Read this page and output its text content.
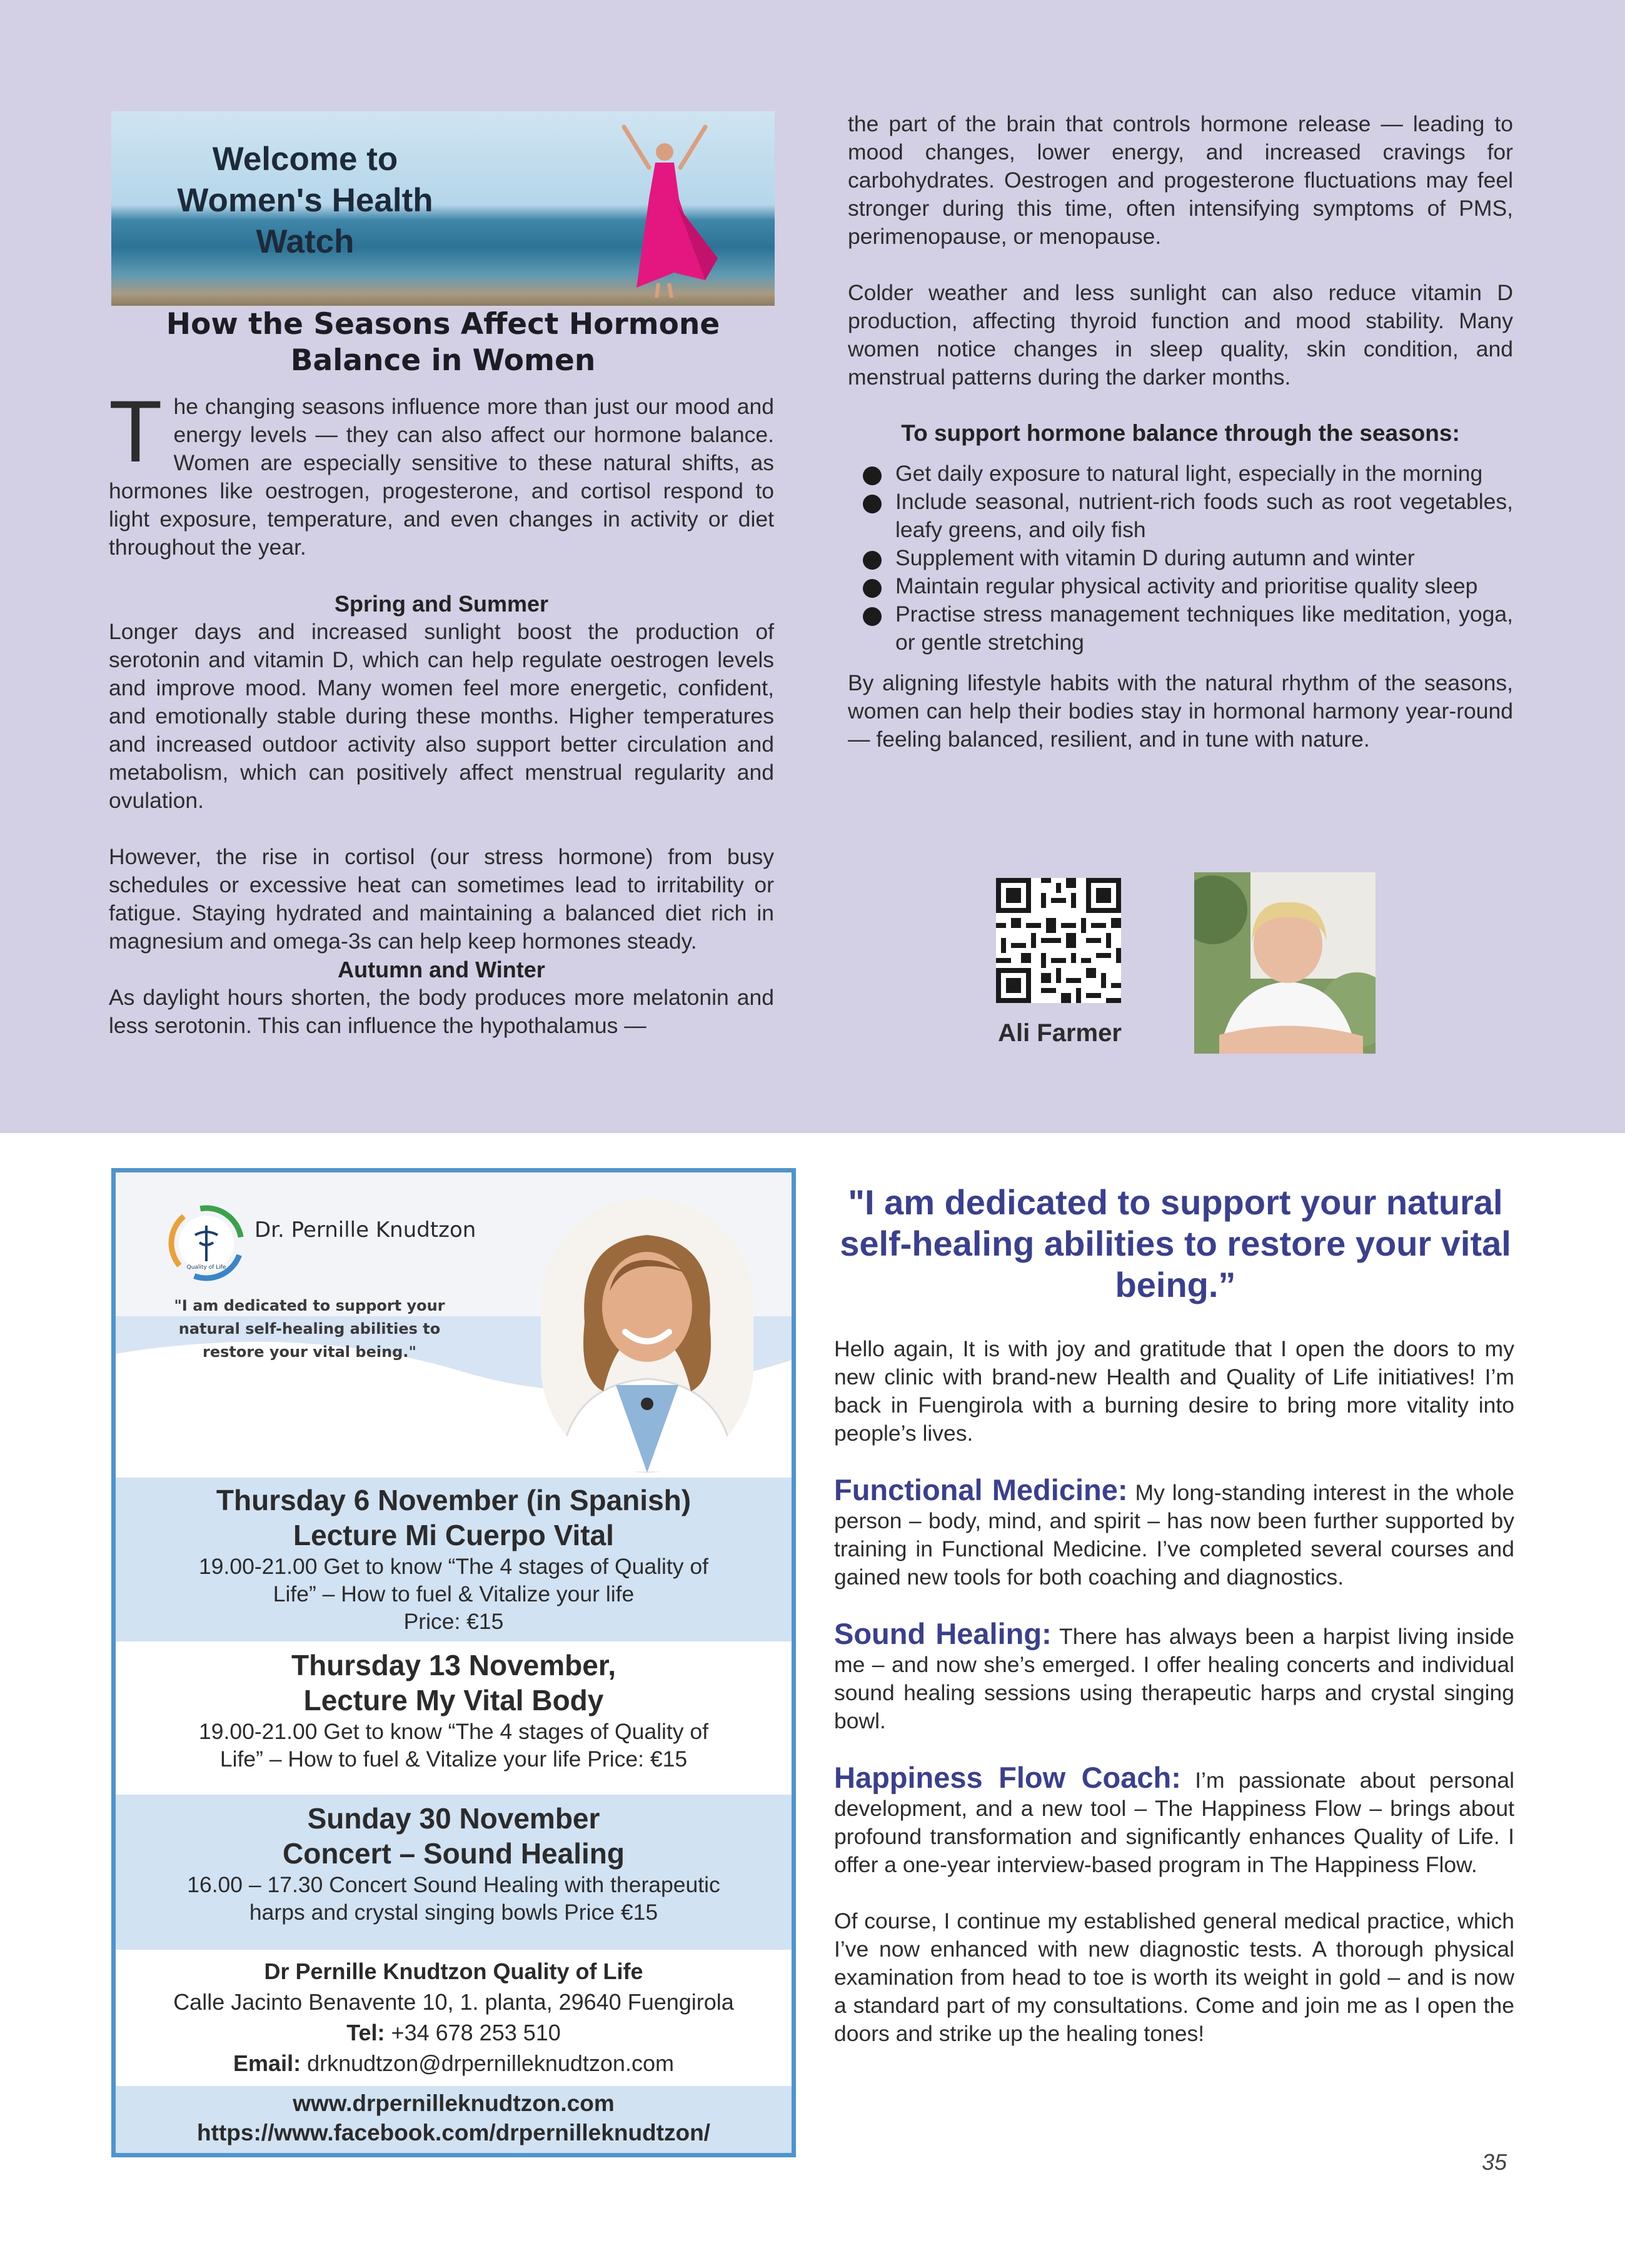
Welcome to Women's Health Watch
How the Seasons Affect Hormone Balance in Women

The changing seasons influence more than just our mood and energy levels — they can also affect our hormone balance. Women are especially sensitive to these natural shifts, as hormones like oestrogen, progesterone, and cortisol respond to light exposure, temperature, and even changes in activity or diet throughout the year.

Spring and Summer

Longer days and increased sunlight boost the production of serotonin and vitamin D, which can help regulate oestrogen levels and improve mood. Many women feel more energetic, confident, and emotionally stable during these months. Higher temperatures and increased outdoor activity also support better circulation and metabolism, which can positively affect menstrual regularity and ovulation.

However, the rise in cortisol (our stress hormone) from busy schedules or excessive heat can sometimes lead to irritability or fatigue. Staying hydrated and maintaining a balanced diet rich in magnesium and omega-3s can help keep hormones steady.

Autumn and Winter

As daylight hours shorten, the body produces more melatonin and less serotonin. This can influence the hypothalamus —

the part of the brain that controls hormone release — leading to mood changes, lower energy, and increased cravings for carbohydrates. Oestrogen and progesterone fluctuations may feel stronger during this time, often intensifying symptoms of PMS, perimenopause, or menopause.

Colder weather and less sunlight can also reduce vitamin D production, affecting thyroid function and mood stability. Many women notice changes in sleep quality, skin condition, and menstrual patterns during the darker months.

To support hormone balance through the seasons:
Get daily exposure to natural light, especially in the morning
Include seasonal, nutrient-rich foods such as root vegetables, leafy greens, and oily fish
Supplement with vitamin D during autumn and winter
Maintain regular physical activity and prioritise quality sleep
Practise stress management techniques like meditation, yoga, or gentle stretching

By aligning lifestyle habits with the natural rhythm of the seasons, women can help their bodies stay in hormonal harmony year-round — feeling balanced, resilient, and in tune with nature.

Ali Farmer
Quality of Life
Dr. Pernille Knudtzon
"I am dedicated to support your natural self-healing abilities to restore your vital being."
Thursday 6 November (in Spanish)
Lecture Mi Cuerpo Vital
19.00-21.00 Get to know “The 4 stages of Quality of
Life” – How to fuel & Vitalize your life
Price: €15
Thursday 13 November,
Lecture My Vital Body
19.00-21.00 Get to know “The 4 stages of Quality of
Life” – How to fuel & Vitalize your life Price: €15
Sunday 30 November
Concert – Sound Healing
16.00 – 17.30 Concert Sound Healing with therapeutic
harps and crystal singing bowls Price €15
Dr Pernille Knudtzon Quality of Life
Calle Jacinto Benavente 10, 1. planta, 29640 Fuengirola
Tel: +34 678 253 510
Email: drknudtzon@drpernilleknudtzon.com
www.drpernilleknudtzon.com
https://www.facebook.com/drpernilleknudtzon/
"I am dedicated to support your natural self-healing abilities to restore your vital being.”

Hello again, It is with joy and gratitude that I open the doors to my new clinic with brand-new Health and Quality of Life initiatives! I’m back in Fuengirola with a burning desire to bring more vitality into people’s lives.

Functional Medicine: My long-standing interest in the whole person – body, mind, and spirit – has now been further supported by training in Functional Medicine. I’ve completed several courses and gained new tools for both coaching and diagnostics.

Sound Healing: There has always been a harpist living inside me – and now she’s emerged. I offer healing concerts and individual sound healing sessions using therapeutic harps and crystal singing bowl.

Happiness Flow Coach: I’m passionate about personal development, and a new tool – The Happiness Flow – brings about profound transformation and significantly enhances Quality of Life. I offer a one-year interview-based program in The Happiness Flow.

Of course, I continue my established general medical practice, which I’ve now enhanced with new diagnostic tests. A thorough physical examination from head to toe is worth its weight in gold – and is now a standard part of my consultations. Come and join me as I open the doors and strike up the healing tones!

35
